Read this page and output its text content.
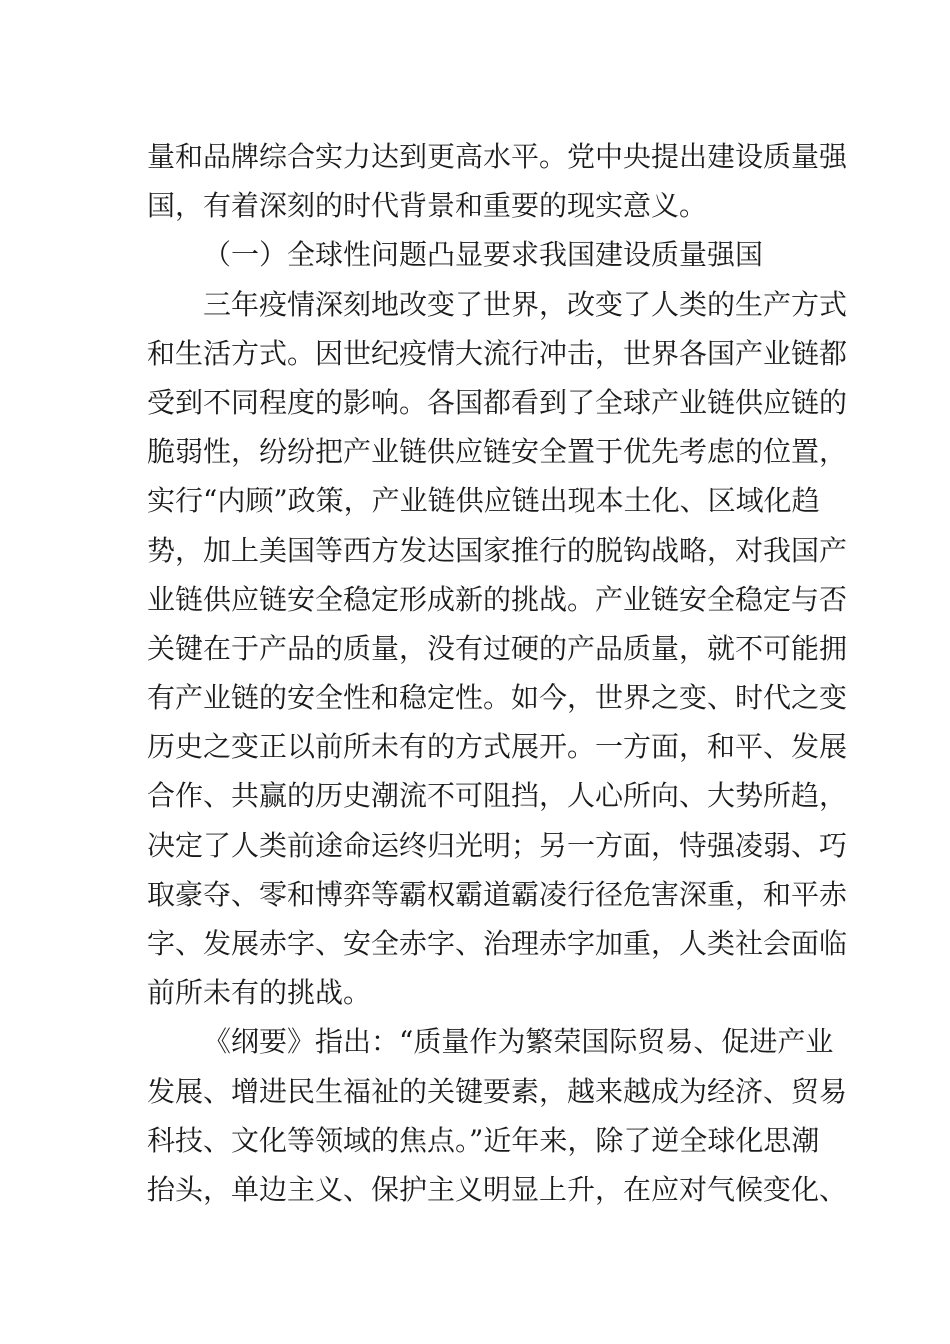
量和品牌综合实力达到更高水平。党中央提出建设质量强
国，有着深刻的时代背景和重要的现实意义。
（一）全球性问题凸显要求我国建设质量强国
三年疫情深刻地改变了世界，改变了人类的生产方式
和生活方式。因世纪疫情大流行冲击，世界各国产业链都
受到不同程度的影响。各国都看到了全球产业链供应链的
脆弱性，纷纷把产业链供应链安全置于优先考虑的位置，
实行“内顾”政策，产业链供应链出现本土化、区域化趋
势，加上美国等西方发达国家推行的脱钩战略，对我国产
业链供应链安全稳定形成新的挑战。产业链安全稳定与否
关键在于产品的质量，没有过硬的产品质量，就不可能拥
有产业链的安全性和稳定性。如今，世界之变、时代之变
历史之变正以前所未有的方式展开。一方面，和平、发展
合作、共赢的历史潮流不可阻挡，人心所向、大势所趋，
决定了人类前途命运终归光明；另一方面，恃强凌弱、巧
取豪夺、零和博弈等霸权霸道霸凌行径危害深重，和平赤
字、发展赤字、安全赤字、治理赤字加重，人类社会面临
前所未有的挑战。
《纲要》指出：“质量作为繁荣国际贸易、促进产业
发展、增进民生福祉的关键要素，越来越成为经济、贸易
科技、文化等领域的焦点。”近年来，除了逆全球化思潮
抬头，单边主义、保护主义明显上升，在应对气候变化、
